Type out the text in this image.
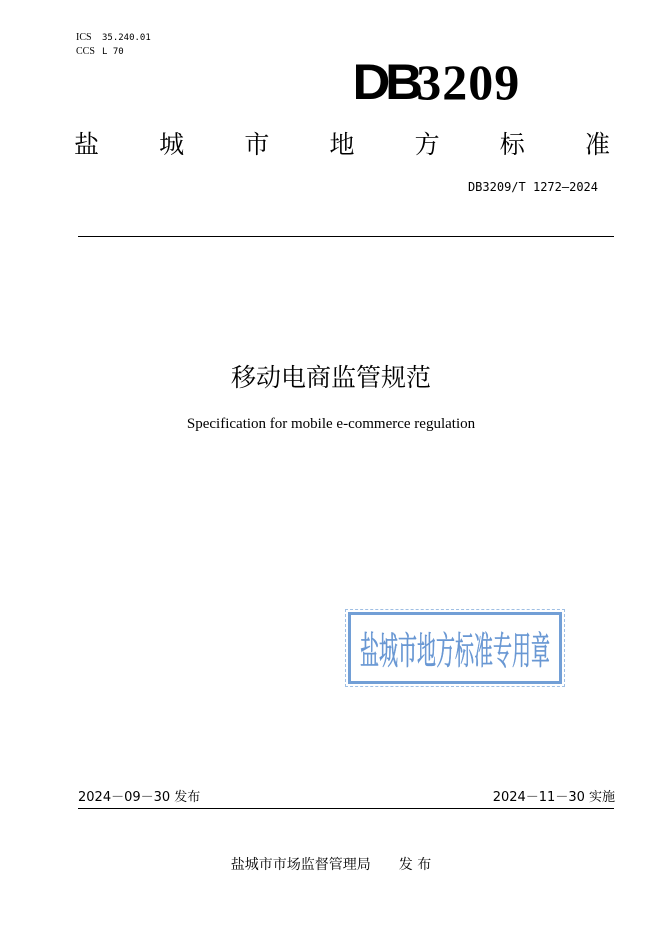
ICS 35.240.01
CCS L 70
DB3209
盐 城 市 地 方 标 准
DB3209/T 1272—2024
移动电商监管规范
Specification for mobile e-commerce regulation
盐城市地方标准专用章
2024－09－30 发布	2024－11－30 实施
盐城市市场监督管理局 发 布
